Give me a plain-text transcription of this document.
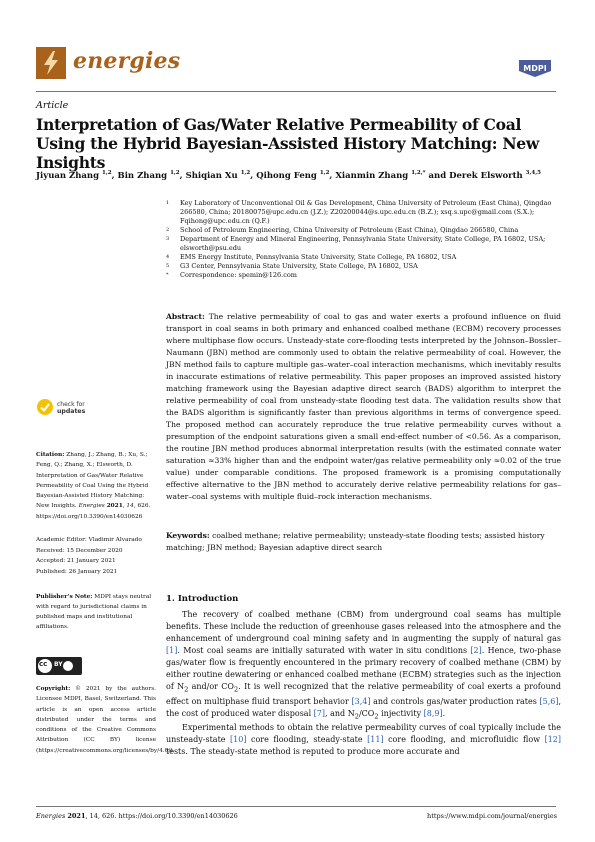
energies	MDPI
Article
Interpretation of Gas/Water Relative Permeability of Coal Using the Hybrid Bayesian-Assisted History Matching: New Insights
Jiyuan Zhang $^{1,2}$, Bin Zhang $^{1,2}$, Shiqian Xu $^{1,2}$, Qihong Feng $^{1,2}$, Xianmin Zhang $^{1,2,*}$ and Derek Elsworth $^{3,4,5}$
1 Key Laboratory of Unconventional Oil & Gas Development, China University of Petroleum (East China), Qingdao 266580, China; 20180075@upc.edu.cn (J.Z.); Z20200044@s.upc.edu.cn (B.Z.); xsq.s.upc@gmail.com (S.X.); Fqihong@upc.edu.cn (Q.F.)
2 School of Petroleum Engineering, China University of Petroleum (East China), Qingdao 266580, China
3 Department of Energy and Mineral Engineering, Pennsylvania State University, State College, PA 16802, USA; elsworth@psu.edu
4 EMS Energy Institute, Pennsylvania State University, State College, PA 16802, USA
5 G3 Center, Pennsylvania State University, State College, PA 16802, USA
* Correspondence: spemin@126.com
Abstract: The relative permeability of coal to gas and water exerts a profound influence on fluid transport in coal seams in both primary and enhanced coalbed methane (ECBM) recovery processes where multiphase flow occurs. Unsteady-state core-flooding tests interpreted by the Johnson–Bossler–Naumann (JBN) method are commonly used to obtain the relative permeability of coal. However, the JBN method fails to capture multiple gas–water–coal interaction mechanisms, which inevitably results in inaccurate estimations of relative permeability. This paper proposes an improved assisted history matching framework using the Bayesian adaptive direct search (BADS) algorithm to interpret the relative permeability of coal from unsteady-state flooding test data. The validation results show that the BADS algorithm is significantly faster than previous algorithms in terms of convergence speed. The proposed method can accurately reproduce the true relative permeability curves without a presumption of the endpoint saturations given a small end-effect number of <0.56. As a comparison, the routine JBN method produces abnormal interpretation results (with the estimated connate water saturation ≈33% higher than and the endpoint water/gas relative permeability only ≈0.02 of the true value) under comparable conditions. The proposed framework is a promising computationally effective alternative to the JBN method to accurately derive relative permeability relations for gas–water–coal systems with multiple fluid–rock interaction mechanisms.
Keywords: coalbed methane; relative permeability; unsteady-state flooding tests; assisted history matching; JBN method; Bayesian adaptive direct search
1. Introduction

The recovery of coalbed methane (CBM) from underground coal seams has multiple benefits. These include the reduction of greenhouse gases released into the atmosphere and the enhancement of underground coal mining safety and in augmenting the supply of natural gas [1]. Most coal seams are initially saturated with water in situ conditions [2]. Hence, two-phase gas/water flow is frequently encountered in the primary recovery of coalbed methane (CBM) by either routine dewatering or enhanced coalbed methane (ECBM) strategies such as the injection of $N_2$ and/or $CO_2$. It is well recognized that the relative permeability of coal exerts a profound effect on multiphase fluid transport behavior [3,4] and controls gas/water production rates [5,6], the cost of produced water disposal [7], and $N_2/CO_2$ injectivity [8,9].

Experimental methods to obtain the relative permeability curves of coal typically include the unsteady-state [10] core flooding, steady-state [11] core flooding, and microfluidic flow [12] tests. The steady-state method is reputed to produce more accurate and

check for
updates
Citation: Zhang, J.; Zhang, B.; Xu, S.; Feng, Q.; Zhang, X.; Elsworth, D. Interpretation of Gas/Water Relative Permeability of Coal Using the Hybrid Bayesian-Assisted History Matching: New Insights. Energies 2021, 14, 626. https://doi.org/10.3390/en14030626
Academic Editor: Vladimir Alvarado
Received: 15 December 2020
Accepted: 21 January 2021
Published: 26 January 2021
Publisher’s Note: MDPI stays neutral with regard to jurisdictional claims in published maps and institutional affiliations.
cc BY
Copyright: © 2021 by the authors. Licensee MDPI, Basel, Switzerland. This article is an open access article distributed under the terms and conditions of the Creative Commons Attribution (CC BY) license (https://creativecommons.org/licenses/by/4.0/).
Energies 2021, 14, 626. https://doi.org/10.3390/en14030626	https://www.mdpi.com/journal/energies
